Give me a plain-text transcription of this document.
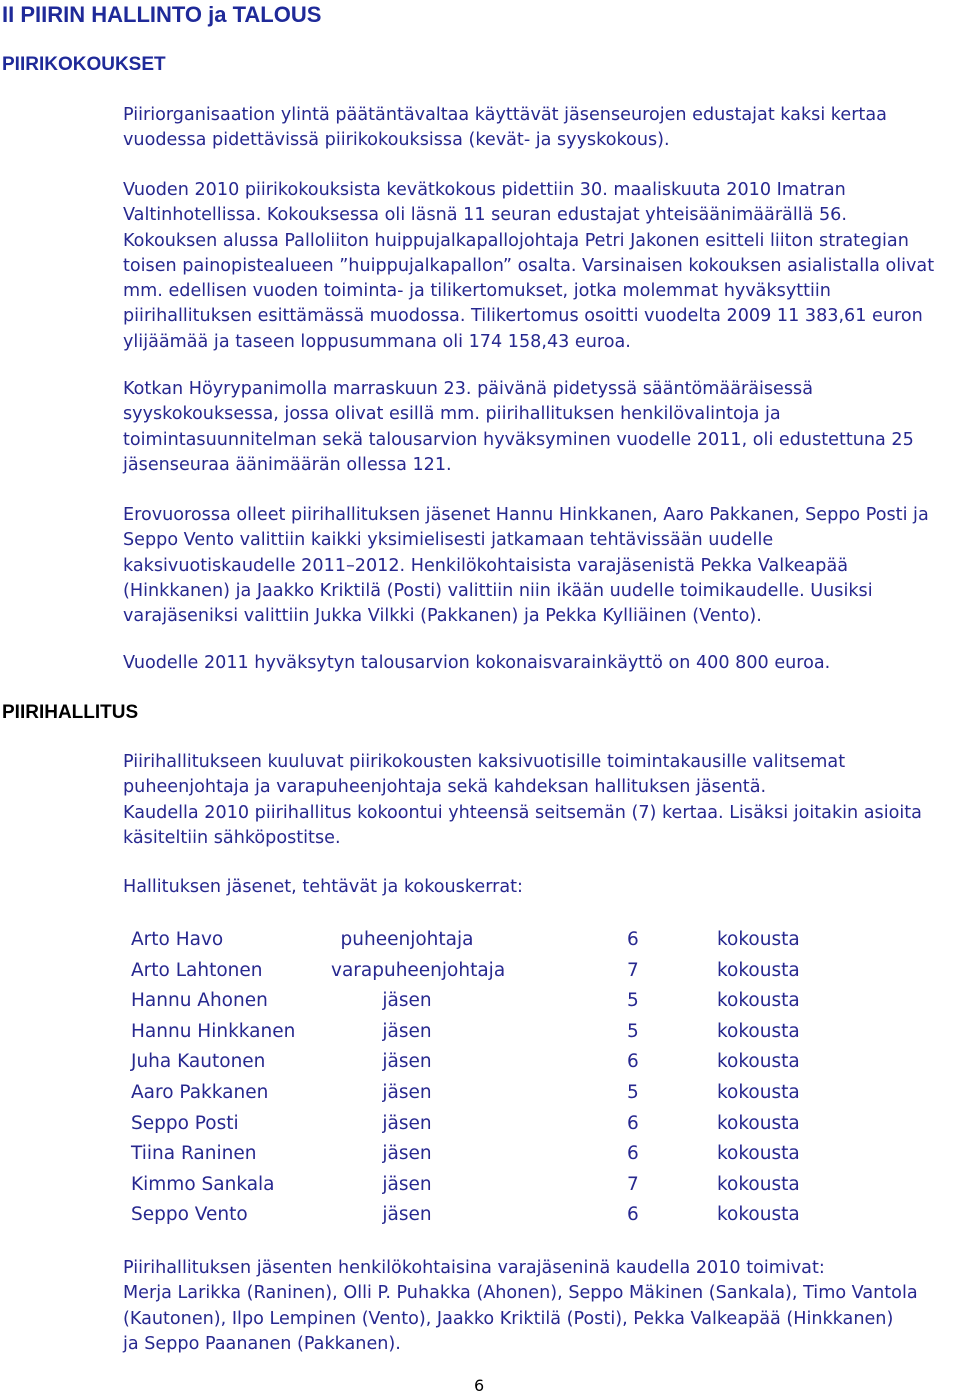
II PIIRIN HALLINTO ja TALOUS
PIIRIKOKOUKSET
PIIRIHALLITUS
Piiriorganisaation ylintä päätäntävaltaa käyttävät jäsenseurojen edustajat kaksi kertaa
vuodessa pidettävissä piirikokouksissa (kevät- ja syyskokous).
Vuoden 2010 piirikokouksista kevätkokous pidettiin 30. maaliskuuta 2010 Imatran
Valtinhotellissa. Kokouksessa oli läsnä 11 seuran edustajat yhteisäänimäärällä 56.
Kokouksen alussa Palloliiton huippujalkapallojohtaja Petri Jakonen esitteli liiton strategian
toisen painopistealueen ”huippujalkapallon” osalta. Varsinaisen kokouksen asialistalla olivat
mm. edellisen vuoden toiminta- ja tilikertomukset, jotka molemmat hyväksyttiin
piirihallituksen esittämässä muodossa. Tilikertomus osoitti vuodelta 2009 11 383,61 euron
ylijäämää ja taseen loppusummana oli 174 158,43 euroa.
Kotkan Höyrypanimolla marraskuun 23. päivänä pidetyssä sääntömääräisessä
syyskokouksessa, jossa olivat esillä mm. piirihallituksen henkilövalintoja ja
toimintasuunnitelman sekä talousarvion hyväksyminen vuodelle 2011, oli edustettuna 25
jäsenseuraa äänimäärän ollessa 121.
Erovuorossa olleet piirihallituksen jäsenet Hannu Hinkkanen, Aaro Pakkanen, Seppo Posti ja
Seppo Vento valittiin kaikki yksimielisesti jatkamaan tehtävissään uudelle
kaksivuotiskaudelle 2011–2012. Henkilökohtaisista varajäsenistä Pekka Valkeapää
(Hinkkanen) ja Jaakko Kriktilä (Posti) valittiin niin ikään uudelle toimikaudelle. Uusiksi
varajäseniksi valittiin Jukka Vilkki (Pakkanen) ja Pekka Kylliäinen (Vento).
Vuodelle 2011 hyväksytyn talousarvion kokonaisvarainkäyttö on 400 800 euroa.
Piirihallitukseen kuuluvat piirikokousten kaksivuotisille toimintakausille valitsemat
puheenjohtaja ja varapuheenjohtaja sekä kahdeksan hallituksen jäsentä.
Kaudella 2010 piirihallitus kokoontui yhteensä seitsemän (7) kertaa. Lisäksi joitakin asioita
käsiteltiin sähköpostitse.
Hallituksen jäsenet, tehtävät ja kokouskerrat:
Arto Havo	puheenjohtaja	6	kokousta
Arto Lahtonen	varapuheenjohtaja	7	kokousta
Hannu Ahonen	jäsen	5	kokousta
Hannu Hinkkanen	jäsen	5	kokousta
Juha Kautonen	jäsen	6	kokousta
Aaro Pakkanen	jäsen	5	kokousta
Seppo Posti	jäsen	6	kokousta
Tiina Raninen	jäsen	6	kokousta
Kimmo Sankala	jäsen	7	kokousta
Seppo Vento	jäsen	6	kokousta
Piirihallituksen jäsenten henkilökohtaisina varajäseninä kaudella 2010 toimivat:
Merja Larikka (Raninen), Olli P. Puhakka (Ahonen), Seppo Mäkinen (Sankala), Timo Vantola
(Kautonen), Ilpo Lempinen (Vento), Jaakko Kriktilä (Posti), Pekka Valkeapää (Hinkkanen)
ja Seppo Paananen (Pakkanen).
6
